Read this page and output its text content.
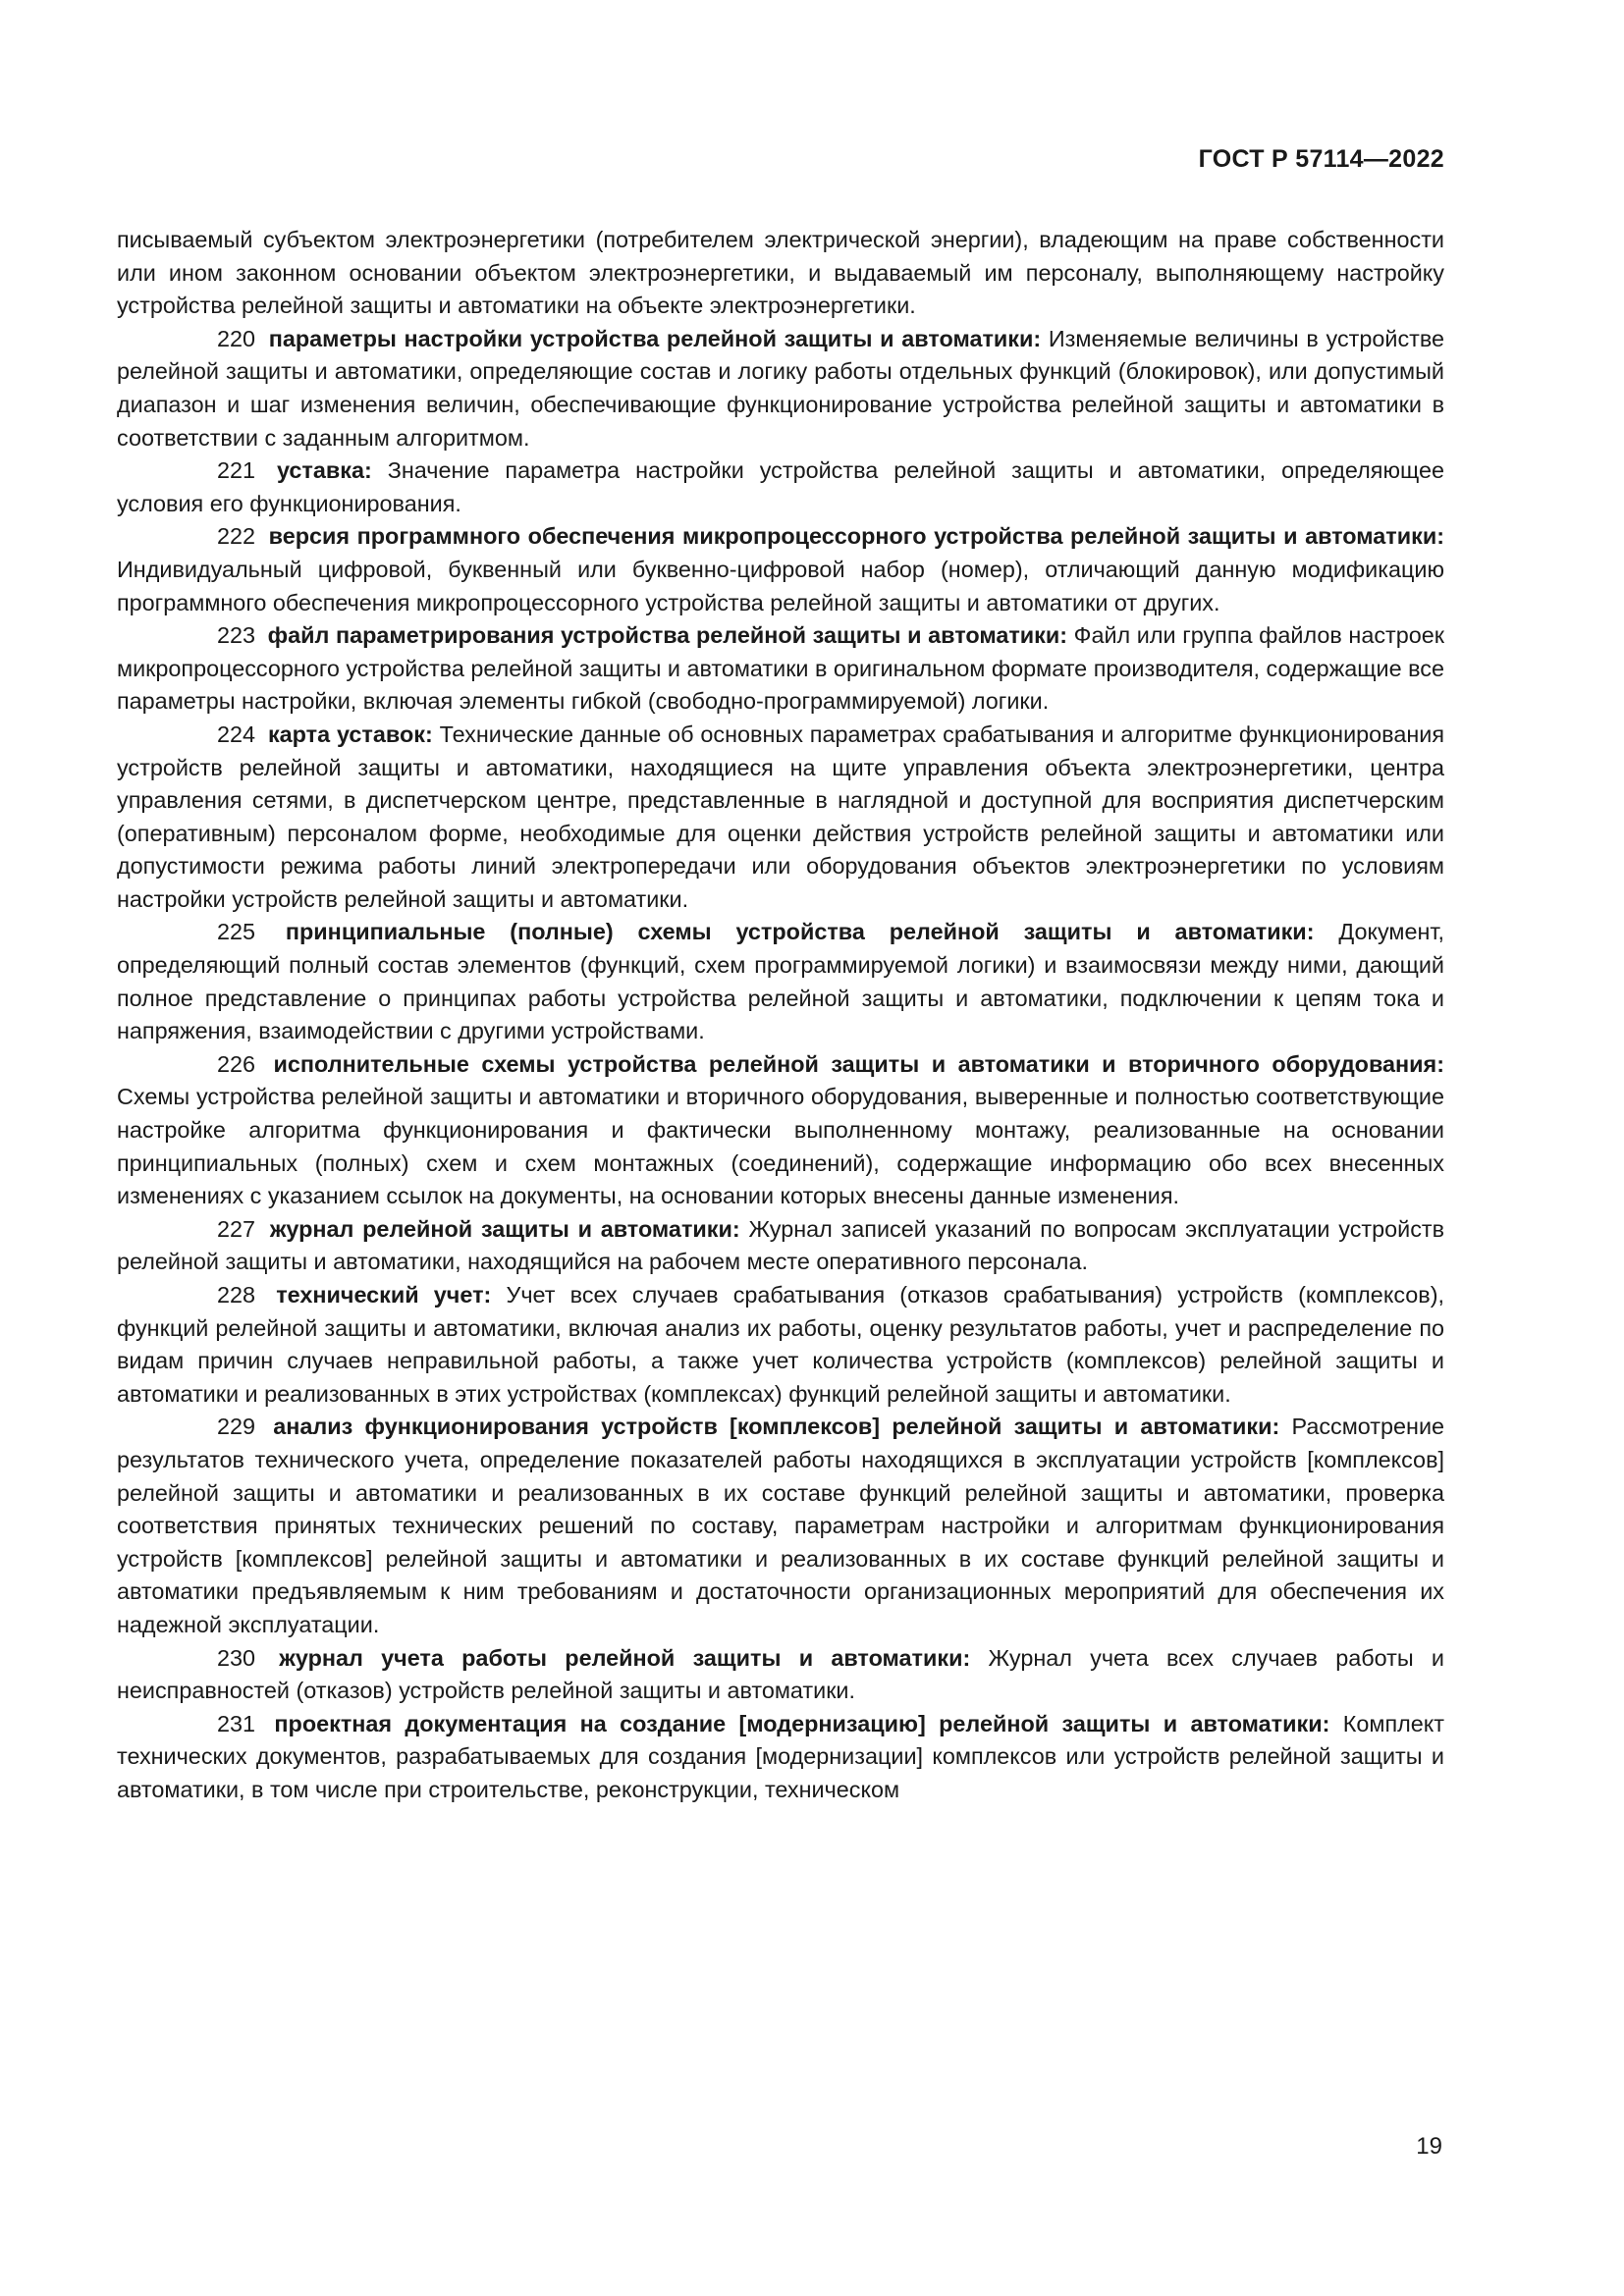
ГОСТ Р 57114—2022

писываемый субъектом электроэнергетики (потребителем электрической энергии), владеющим на праве собственности или ином законном основании объектом электроэнергетики, и выдаваемый им персоналу, выполняющему настройку устройства релейной защиты и автоматики на объекте электроэнергетики.

220 параметры настройки устройства релейной защиты и автоматики: Изменяемые величины в устройстве релейной защиты и автоматики, определяющие состав и логику работы отдельных функций (блокировок), или допустимый диапазон и шаг изменения величин, обеспечивающие функционирование устройства релейной защиты и автоматики в соответствии с заданным алгоритмом.

221 уставка: Значение параметра настройки устройства релейной защиты и автоматики, определяющее условия его функционирования.

222 версия программного обеспечения микропроцессорного устройства релейной защиты и автоматики: Индивидуальный цифровой, буквенный или буквенно-цифровой набор (номер), отличающий данную модификацию программного обеспечения микропроцессорного устройства релейной защиты и автоматики от других.

223 файл параметрирования устройства релейной защиты и автоматики: Файл или группа файлов настроек микропроцессорного устройства релейной защиты и автоматики в оригинальном формате производителя, содержащие все параметры настройки, включая элементы гибкой (свободно-программируемой) логики.

224 карта уставок: Технические данные об основных параметрах срабатывания и алгоритме функционирования устройств релейной защиты и автоматики, находящиеся на щите управления объекта электроэнергетики, центра управления сетями, в диспетчерском центре, представленные в наглядной и доступной для восприятия диспетчерским (оперативным) персоналом форме, необходимые для оценки действия устройств релейной защиты и автоматики или допустимости режима работы линий электропередачи или оборудования объектов электроэнергетики по условиям настройки устройств релейной защиты и автоматики.

225 принципиальные (полные) схемы устройства релейной защиты и автоматики: Документ, определяющий полный состав элементов (функций, схем программируемой логики) и взаимосвязи между ними, дающий полное представление о принципах работы устройства релейной защиты и автоматики, подключении к цепям тока и напряжения, взаимодействии с другими устройствами.

226 исполнительные схемы устройства релейной защиты и автоматики и вторичного оборудования: Схемы устройства релейной защиты и автоматики и вторичного оборудования, выверенные и полностью соответствующие настройке алгоритма функционирования и фактически выполненному монтажу, реализованные на основании принципиальных (полных) схем и схем монтажных (соединений), содержащие информацию обо всех внесенных изменениях с указанием ссылок на документы, на основании которых внесены данные изменения.

227 журнал релейной защиты и автоматики: Журнал записей указаний по вопросам эксплуатации устройств релейной защиты и автоматики, находящийся на рабочем месте оперативного персонала.

228 технический учет: Учет всех случаев срабатывания (отказов срабатывания) устройств (комплексов), функций релейной защиты и автоматики, включая анализ их работы, оценку результатов работы, учет и распределение по видам причин случаев неправильной работы, а также учет количества устройств (комплексов) релейной защиты и автоматики и реализованных в этих устройствах (комплексах) функций релейной защиты и автоматики.

229 анализ функционирования устройств [комплексов] релейной защиты и автоматики: Рассмотрение результатов технического учета, определение показателей работы находящихся в эксплуатации устройств [комплексов] релейной защиты и автоматики и реализованных в их составе функций релейной защиты и автоматики, проверка соответствия принятых технических решений по составу, параметрам настройки и алгоритмам функционирования устройств [комплексов] релейной защиты и автоматики и реализованных в их составе функций релейной защиты и автоматики предъявляемым к ним требованиям и достаточности организационных мероприятий для обеспечения их надежной эксплуатации.

230 журнал учета работы релейной защиты и автоматики: Журнал учета всех случаев работы и неисправностей (отказов) устройств релейной защиты и автоматики.

231 проектная документация на создание [модернизацию] релейной защиты и автоматики: Комплект технических документов, разрабатываемых для создания [модернизации] комплексов или устройств релейной защиты и автоматики, в том числе при строительстве, реконструкции, техническом

19
